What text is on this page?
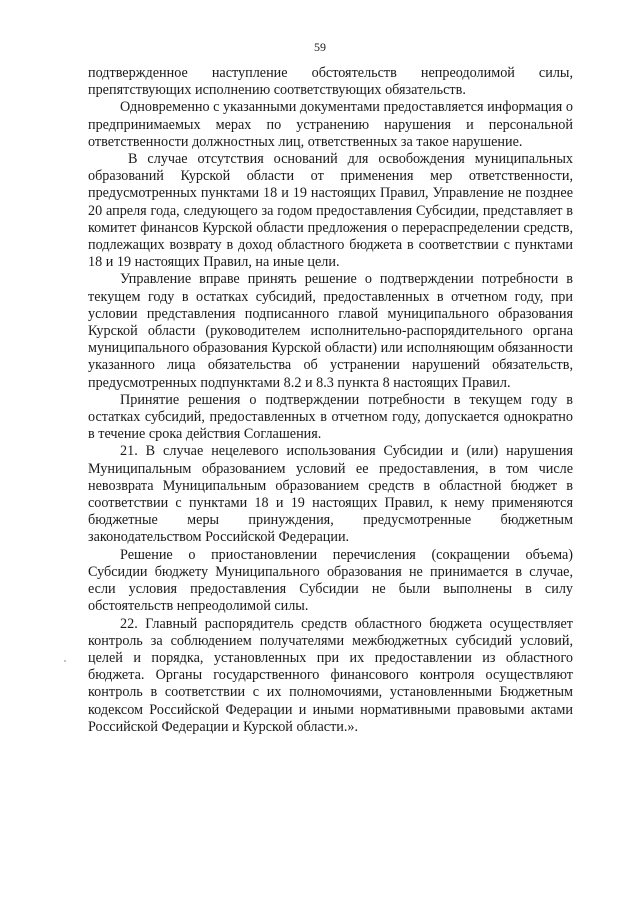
59

подтвержденное наступление обстоятельств непреодолимой силы, препятствующих исполнению соответствующих обязательств.

Одновременно с указанными документами предоставляется информация о предпринимаемых мерах по устранению нарушения и персональной ответственности должностных лиц, ответственных за такое нарушение.

В случае отсутствия оснований для освобождения муниципальных образований Курской области от применения мер ответственности, предусмотренных пунктами 18 и 19 настоящих Правил, Управление не позднее 20 апреля года, следующего за годом предоставления Субсидии, представляет в комитет финансов Курской области предложения о перераспределении средств, подлежащих возврату в доход областного бюджета в соответствии с пунктами 18 и 19 настоящих Правил, на иные цели.

Управление вправе принять решение о подтверждении потребности в текущем году в остатках субсидий, предоставленных в отчетном году, при условии представления подписанного главой муниципального образования Курской области (руководителем исполнительно-распорядительного органа муниципального образования Курской области) или исполняющим обязанности указанного лица обязательства об устранении нарушений обязательств, предусмотренных подпунктами 8.2 и 8.3 пункта 8 настоящих Правил.

Принятие решения о подтверждении потребности в текущем году в остатках субсидий, предоставленных в отчетном году, допускается однократно в течение срока действия Соглашения.

21. В случае нецелевого использования Субсидии и (или) нарушения Муниципальным образованием условий ее предоставления, в том числе невозврата Муниципальным образованием средств в областной бюджет в соответствии с пунктами 18 и 19 настоящих Правил, к нему применяются бюджетные меры принуждения, предусмотренные бюджетным законодательством Российской Федерации.

Решение о приостановлении перечисления (сокращении объема) Субсидии бюджету Муниципального образования не принимается в случае, если условия предоставления Субсидии не были выполнены в силу обстоятельств непреодолимой силы.

22. Главный распорядитель средств областного бюджета осуществляет контроль за соблюдением получателями межбюджетных субсидий условий, целей и порядка, установленных при их предоставлении из областного бюджета. Органы государственного финансового контроля осуществляют контроль в соответствии с их полномочиями, установленными Бюджетным кодексом Российской Федерации и иными нормативными правовыми актами Российской Федерации и Курской области.».
